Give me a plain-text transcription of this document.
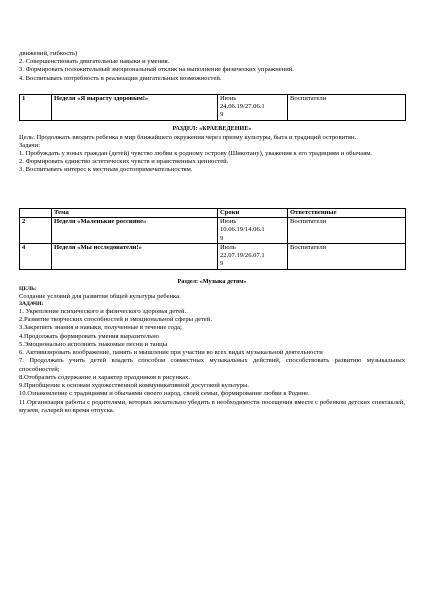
движений, гибкость)

2. Совершенствовать двигательные навыки и умения.

3. Формировать положительный эмоциональный отклик на выполнение физических упражнений.

4. Воспитывать потребность в реализации двигательных возможностей.

1	Неделя «Я вырасту здоровым!»	Июнь
24.06.19/27.06.1
9
	Воспитатели

РАЗДЕЛ: «КРАЕВЕДЕНИЕ»

Цель: Продолжать вводить ребенка в мир ближайшего окружения через призму культуры, быта и традиций островитян.

Задачи:

1. Пробуждать у юных граждан (детей) чувство любви к родному острову (Шикотану), уважения к его традициям и обычаям.

2. Формировать единство эстетических чувств и нравственных ценностей.

3. Воспитывать интерес к местным достопримечательностям.

	Тема	Сроки	Ответственные
2	Неделя «Маленькие россияне»	Июнь
10.06.19/14.06.1
9	Воспитатели
4	Неделя «Мы исследователи!»	Июль
22.07.19/26.07.1
9	Воспитатели

Раздел: «Музыка детям»

ЦЕЛЬ:

Создание условий для развития общей культуры ребенка.

ЗАДАЧИ:

1. Укрепление психического и физического здоровья детей.

2.Развитие творческих способностей и эмоциональной сферы детей.

3.Закрепить знания и навыки, полученные в течение года;

4.Продолжать формировать умения выразительно

5.Эмоционально исполнять знакомые песни и танцы

6. Активизировать воображение, память и мышление при участии во всех видах музыкальной деятельности

7. Продолжать учить детей владеть способом совместных музыкальных действий, способствовать развитию музыкальных способностей;

8.Отобразить содержание и характер праздников в рисунках.

9.Приобщение к основам художественной коммуникативной досуговой культуры.

10.Ознакомление с традициями и обычаями своего народ, своей семьи, формирование любви к Родине.

11.Организация работы с родителями, которых желательно убедить в необходимости посещения вместе с ребенком детских спектаклей, музеев, галерей во время отпуска.
